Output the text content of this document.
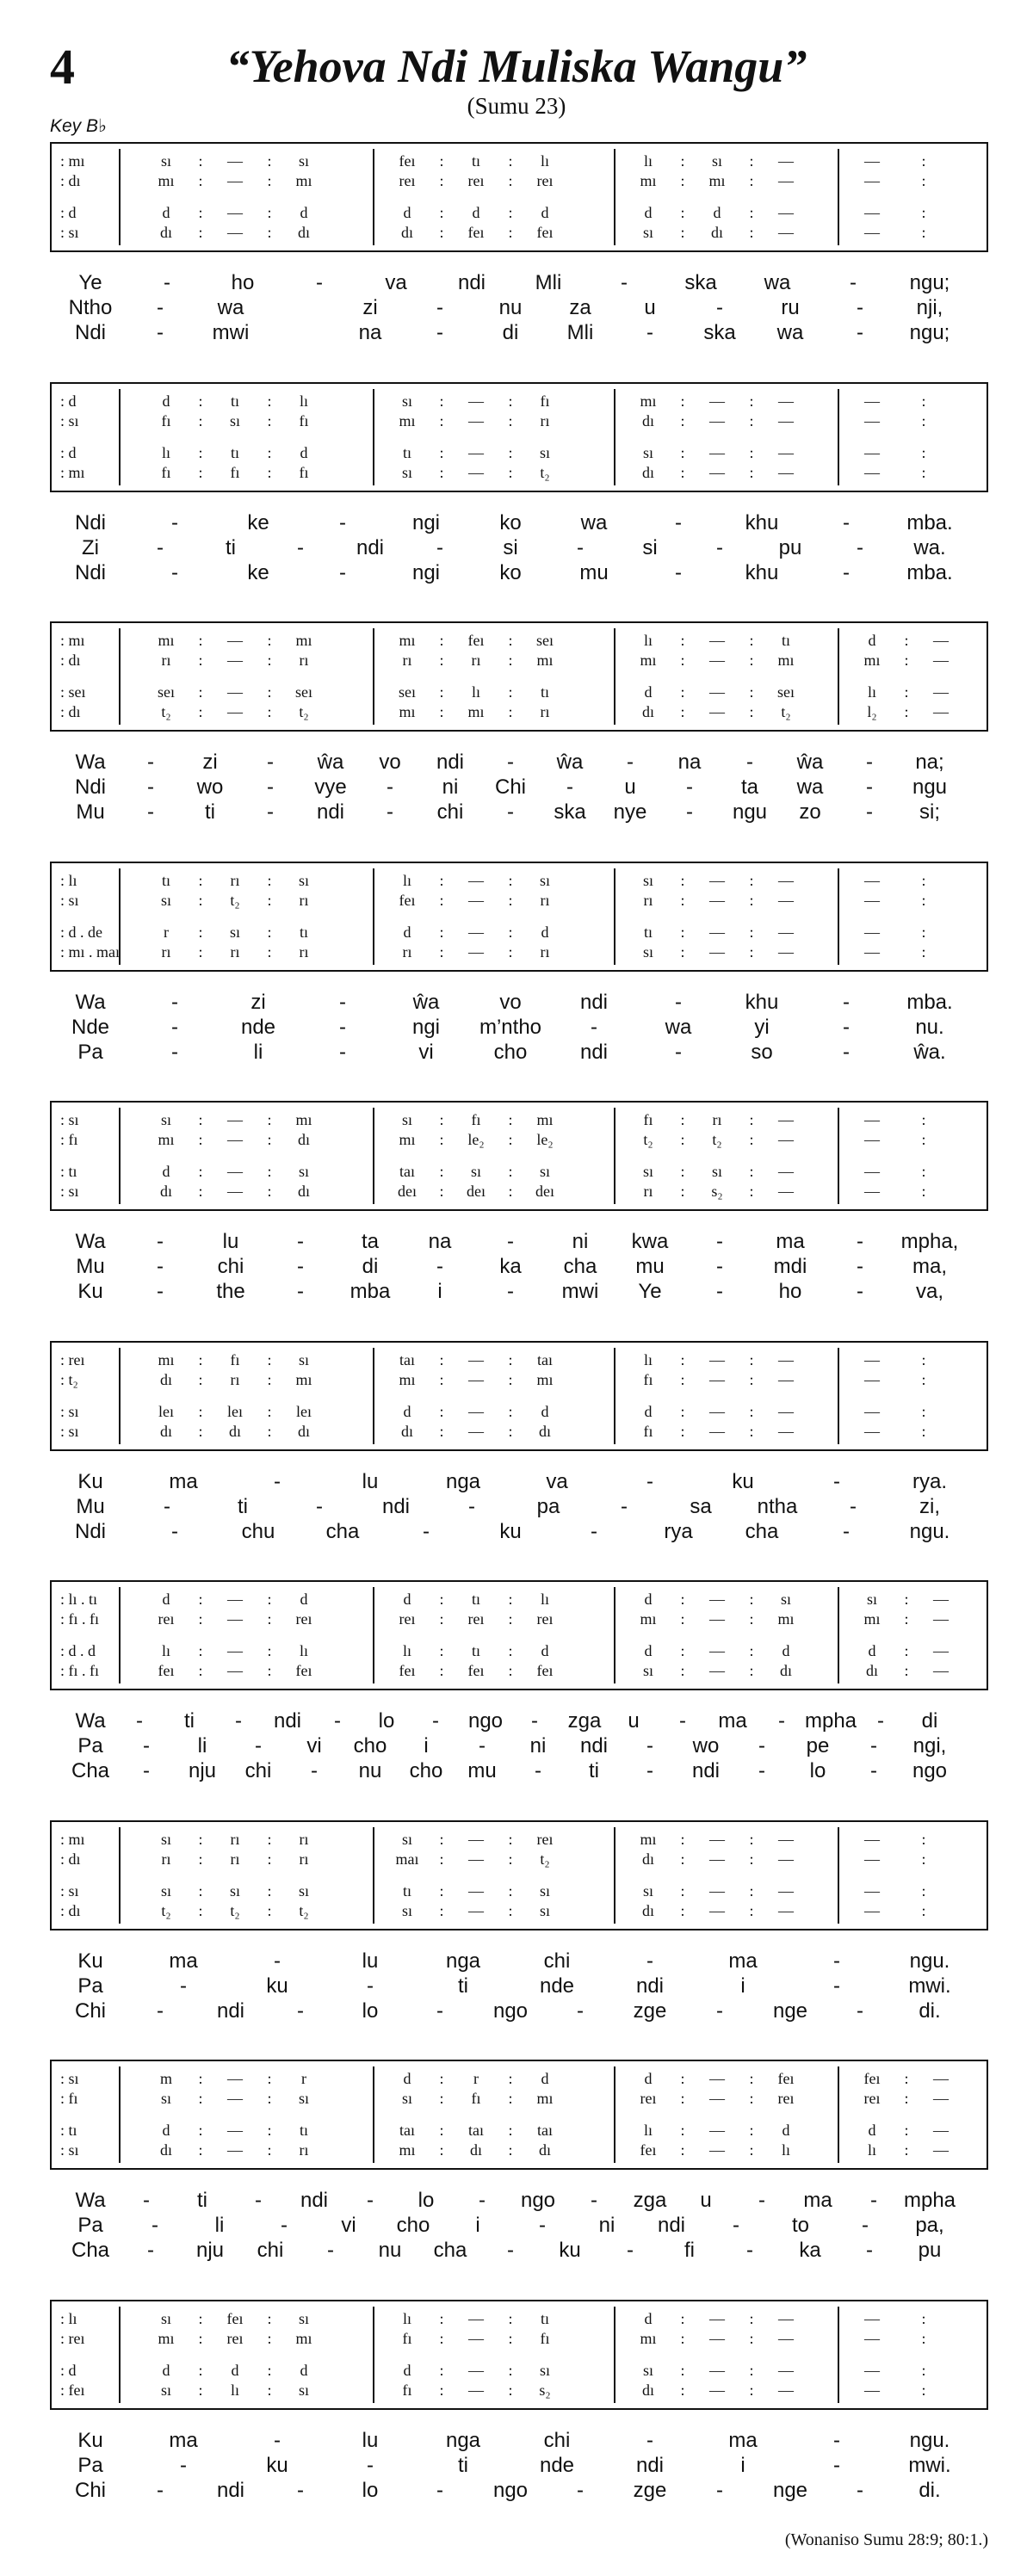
4	“Yehova Ndi Muliska Wangu”
(Sumu 23)
Key B♭
: mı	sı : — : sı	feı : tı : lı	lı : sı : —	—	:
: dı	mı : — : mı	reı : reı : reı	mı : mı : —	—	:
: d	d : — : d	d : d : d	d : d : —	—	:
: sı	dı : — : dı	dı : feı : feı	sı : dı : —	—	:
Ye	-	ho	-	va ndi Mli	-	ska wa	-	ngu;
Ntho -	wa	zi	-	nu za	u	-	ru	-	nji,
Ndi - mwi	na	-	di Mli	- ska wa	- ngu;
: d	d : tı : lı	sı : — : fı	mı : — : —	—	:
: sı	fı : sı : fı	mı : — : rı	dı : — : —	—	:
: d	lı : tı : d	tı : — : sı	sı : — : —	—	:
: mı	fı : fı : fı	sı : — : t₂	dı : — : —	—	:
Ndi	-	ke	-	ngi	ko	wa	-	khu	-	mba.
Zi	-	ti	-	ndi	-	si	-	si	-	pu	- wa.
Ndi	-	ke	-	ngi	ko	mu	-	khu	-	mba.
: mı	mı : — : mı	mı : feı : seı	lı : — : tı	d : —
: dı	rı : — : rı	rı : rı : mı	mı : — : mı	mı : —
: seı	seı : — : seı	seı : lı : tı	d : — : seı	lı : —
: dı	t₂ : — : t₂	mı : mı : rı	dı : — : t₂	l₂ : —
Wa - zi - ŵa vo ndi - ŵa - na - ŵa - na;
Ndi - wo - vye - ni Chi - u - ta wa - ngu
Mu - ti	- ndi - chi - ska nye - ngu zo - si;
: lı	tı : rı : sı	lı : — : sı	sı : — : —	—	:
: sı	sı : t₂ : rı	feı : — : rı	rı : — : —	—	:
: d . de	r : sı : tı	d : — : d	tı : — : —	—	:
: mı . maı	rı : rı : rı	rı : — : rı	sı : — : —	—	:
Wa	-	zi	-	ŵa	vo	ndi	-	khu	-	mba.
Nde	-	nde	-	ngi m’ntho -	wa	yi	-	nu.
Pa	-	li	-	vi	cho	ndi	-	so	-	ŵa.
: sı	sı : — : mı	sı : fı : mı	fı : rı : —	—	:
: fı	mı : — : dı	mı : le₂ : le₂	t₂ : t₂ : —	—	:
: tı	d : — : sı	taı : sı : sı	sı : sı : —	—	:
: sı	dı : — : dı	deı : deı : deı	rı : s₂ : —	—	:
Wa -	lu	-	ta na	-	ni kwa -	ma	- mpha,
Mu	-	chi	-	di	-	ka cha mu	- mdi - ma,
Ku	-	the	- mba i	- mwi Ye	-	ho	-	va,
: reı	mı : fı : sı	taı : — : taı	lı : — : —	—	:
: t₂	dı : rı : mı	mı : — : mı	fı : — : —	—	:
: sı	leı : leı : leı	d : — : d	d : — : —	—	:
: sı	dı : dı : dı	dı : — : dı	fı : — : —	—	:
Ku	ma	-	lu	nga	va	-	ku	-	rya.
Mu	-	ti	-	ndi	-	pa	-	sa ntha	-	zi,
Ndi	-	chu cha	-	ku	-	rya	cha	-	ngu.
: lı . tı	d : — : d	d : tı : lı	d : — : sı	sı : —
: fı . fı	reı : — : reı	reı : reı : reı	mı : — : mı	mı : —
: d . d	lı : — : lı	lı : tı : d	d : — : d	d : —
: fı . fı	feı : — : feı	feı : feı : feı	sı : — : dı	dı : —
Wa - ti - ndi - lo - ngo - zga u - ma - mpha - di
Pa - li - vi cho i - ni ndi - wo - pe - ngi,
Cha - nju chi - nu cho mu - ti - ndi - lo - ngo
: mı	sı : rı : rı	sı : — : reı	mı : — : —	—	:
: dı	rı : rı : rı	maı : — : t₂	dı : — : —	—	:
: sı	sı : sı : sı	tı : — : sı	sı : — : —	—	:
: dı	t₂ : t₂ : t₂	sı : — : sı	dı : — : —	—	:
Ku	ma	-	lu	nga	chi	-	ma	-	ngu.
Pa	-	ku	-	ti	nde	ndi	i	-	mwi.
Chi -	ndi	-	lo	- ngo - zge - nge -	di.
: sı	m : — : r	d : r : d	d : — : feı	feı : —
: fı	sı : — : sı	sı : fı : mı	reı : — : reı	reı : —
: tı	d : — : tı	taı : taı : taı	lı : — : d	d : —
: sı	dı : — : rı	mı : dı : dı	feı : — : lı	lı : —
Wa - ti - ndi - lo - ngo - zga u - ma - mpha
Pa -	li	-	vi cho i	-	ni ndi -	to	- pa,
Cha - nju chi - nu cha - ku - fi	- ka - pu
: lı	sı : feı : sı	lı : — : tı	d : — : —	—	:
: reı	mı : reı : mı	fı : — : fı	mı : — : —	—	:
: d	d : d : d	d : — : sı	sı : — : —	—	:
: feı	sı : lı : sı	fı : — : s₂	dı : — : —	—	:
Ku	ma	-	lu	nga	chi	-	ma	-	ngu.
Pa	-	ku	-	ti	nde	ndi	i	-	mwi.
Chi -	ndi	-	lo	- ngo - zge - nge -	di.
(Wonaniso Sumu 28:9; 80:1.)
